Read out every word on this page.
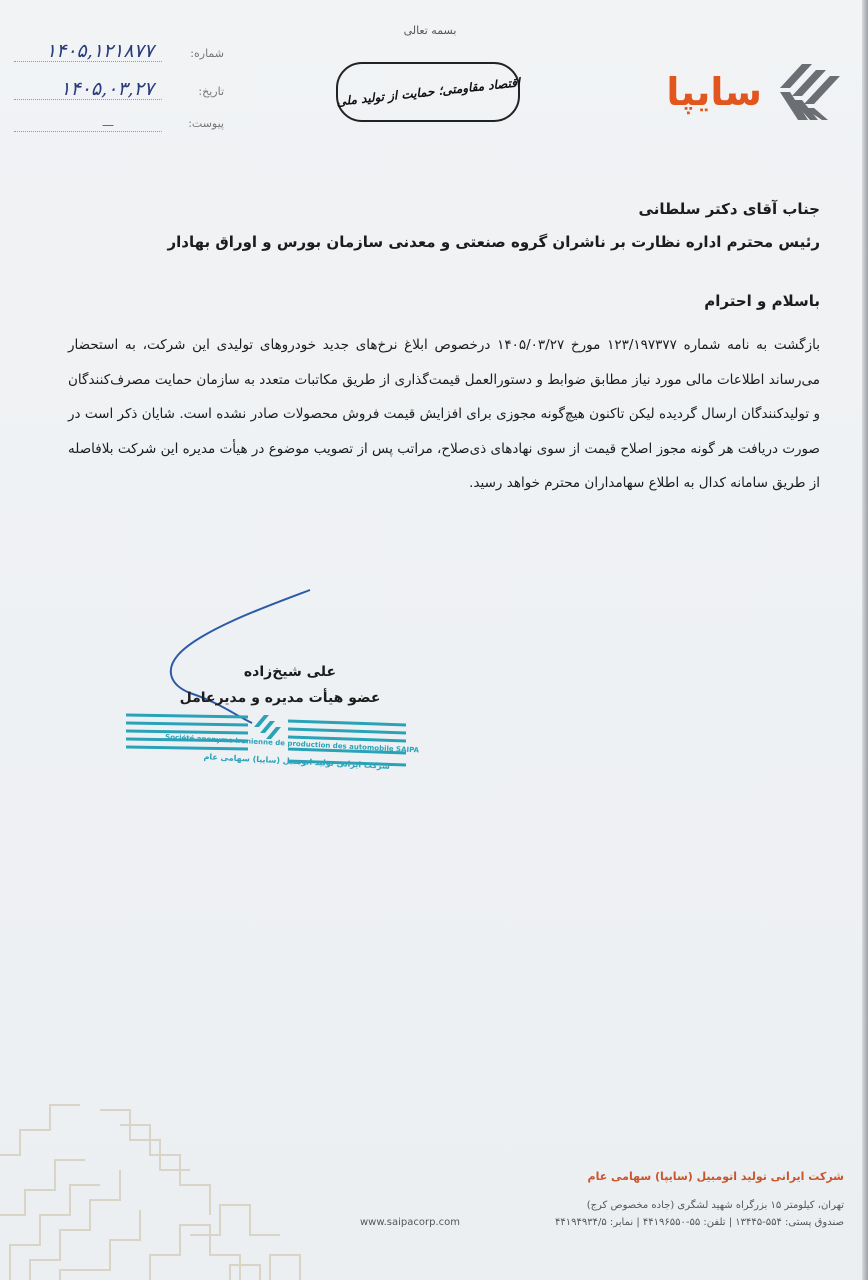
بسمه تعالی
اقتصاد مقاومتی؛ حمایت از تولید ملی	سایپا
شماره:
۱۴۰۵,۱۲۱۸۷۷
تاریخ:
۱۴۰۵,۰۳,۲۷
پیوست:
—
جناب آقای دکتر سلطانی
رئیس محترم اداره نظارت بر ناشران گروه صنعتی و معدنی سازمان بورس و اوراق بهادار
باسلام و احترام
بازگشت به نامه شماره ۱۲۳/۱۹۷۳۷۷ مورخ ۱۴۰۵/۰۳/۲۷ درخصوص ابلاغ نرخ‌های جدید خودروهای تولیدی این شرکت، به استحضار می‌رساند اطلاعات مالی مورد نیاز مطابق ضوابط و دستورالعمل قیمت‌گذاری از طریق مکاتبات متعدد به سازمان حمایت مصرف‌کنندگان و تولیدکنندگان ارسال گردیده لیکن تاکنون هیچ‌گونه مجوزی برای افزایش قیمت فروش محصولات صادر نشده است. شایان ذکر است در صورت دریافت هر گونه مجوز اصلاح قیمت از سوی نهادهای ذی‌صلاح، مراتب پس از تصویب موضوع در هیأت مدیره این شرکت بلافاصله از طریق سامانه کدال به اطلاع سهامداران محترم خواهد رسید.
علی شیخ‌زاده
عضو هیأت مدیره و مدیرعامل
Société anonyme Iranienne de production des automobile SAIPA
شرکت ایرانی تولید اتومبیل (سایپا) سهامی عام
شرکت ایرانی تولید اتومبیل (سایپا) سهامی عام
تهران، کیلومتر ۱۵ بزرگراه شهید لشگری (جاده مخصوص کرج)
صندوق پستی: ۵۵۴-۱۳۴۴۵ | تلفن: ۵۵-۴۴۱۹۶۵۵۰ | نمابر: ۴۴۱۹۴۹۳۴/۵
www.saipacorp.com
